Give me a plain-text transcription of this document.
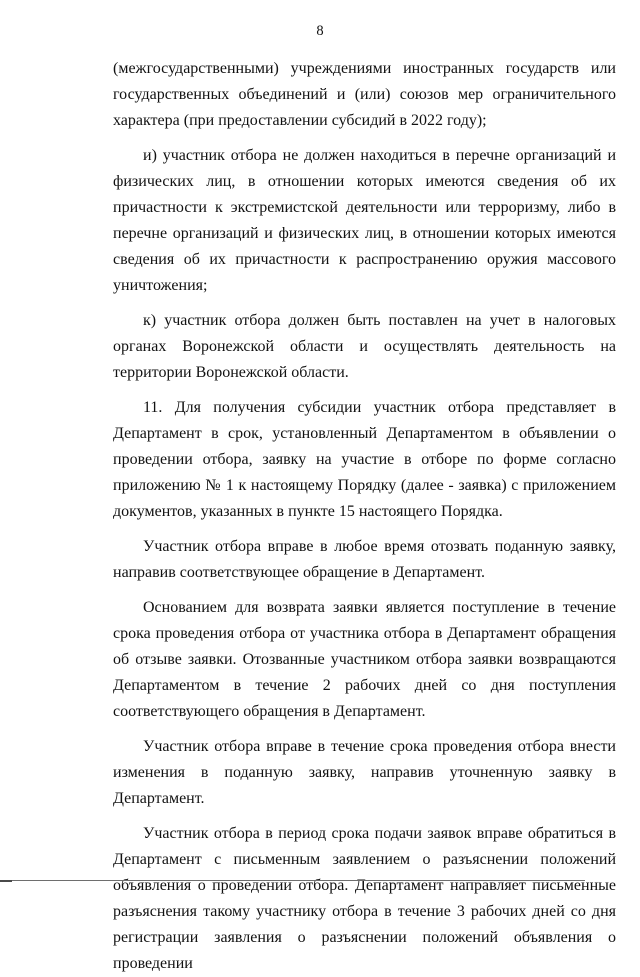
8

(межгосударственными) учреждениями иностранных государств или государственных объединений и (или) союзов мер ограничительного характера (при предоставлении субсидий в 2022 году);

и) участник отбора не должен находиться в перечне организаций и физических лиц, в отношении которых имеются сведения об их причастности к экстремистской деятельности или терроризму, либо в перечне организаций и физических лиц, в отношении которых имеются сведения об их причастности к распространению оружия массового уничтожения;

к) участник отбора должен быть поставлен на учет в налоговых органах Воронежской области и осуществлять деятельность на территории Воронежской области.

11. Для получения субсидии участник отбора представляет в Департамент в срок, установленный Департаментом в объявлении о проведении отбора, заявку на участие в отборе по форме согласно приложению № 1 к настоящему Порядку (далее - заявка) с приложением документов, указанных в пункте 15 настоящего Порядка.

Участник отбора вправе в любое время отозвать поданную заявку, направив соответствующее обращение в Департамент.

Основанием для возврата заявки является поступление в течение срока проведения отбора от участника отбора в Департамент обращения об отзыве заявки. Отозванные участником отбора заявки возвращаются Департаментом в течение 2 рабочих дней со дня поступления соответствующего обращения в Департамент.

Участник отбора вправе в течение срока проведения отбора внести изменения в поданную заявку, направив уточненную заявку в Департамент.

Участник отбора в период срока подачи заявок вправе обратиться в Департамент с письменным заявлением о разъяснении положений объявления о проведении отбора. Департамент направляет письменные разъяснения такому участнику отбора в течение 3 рабочих дней со дня регистрации заявления о разъяснении положений объявления о проведении
